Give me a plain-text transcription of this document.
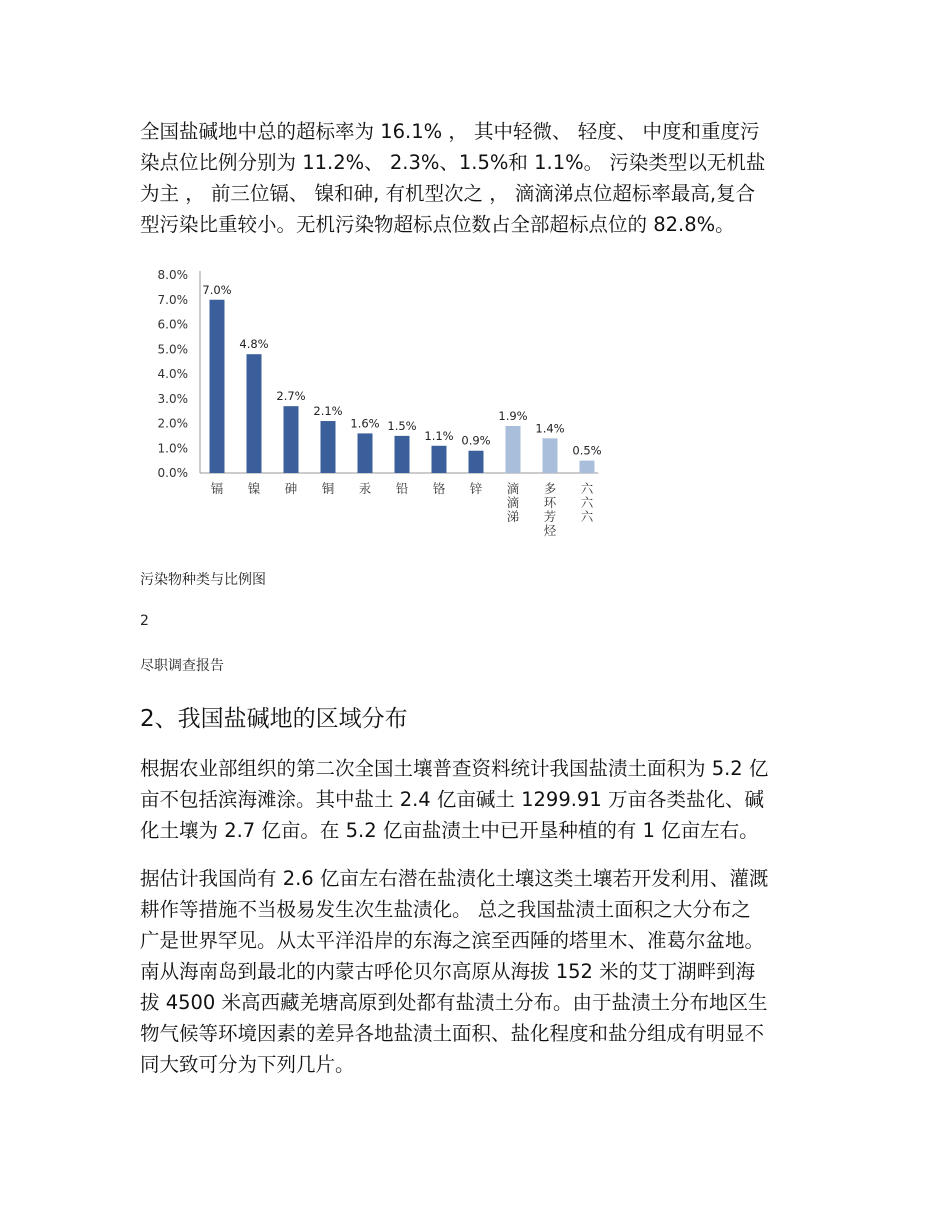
全国盐碱地中总的超标率为 16.1% ， 其中轻微、 轻度、 中度和重度污
染点位比例分别为 11.2%、 2.3%、1.5%和 1.1%。 污染类型以无机盐
为主 ， 前三位镉、 镍和砷, 有机型次之 ， 滴滴涕点位超标率最高,复合
型污染比重较小。无机污染物超标点位数占全部超标点位的 82.8%。

0.0%
1.0%
2.0%
3.0%
4.0%
5.0%
6.0%
7.0%
8.0%
7.0%
4.8%
2.7%
2.1%
1.6% 1.5%
1.1% 0.9%
1.9%
1.4%
0.5%
镉 镍 砷 铜 汞 铅 铬 锌 滴滴涕
多环芳烃
六六六

污染物种类与比例图

2

尽职调查报告

2、我国盐碱地的区域分布

根据农业部组织的第二次全国土壤普查资料统计我国盐渍土面积为 5.2 亿
亩不包括滨海滩涂。其中盐土 2.4 亿亩碱土 1299.91 万亩各类盐化、碱
化土壤为 2.7 亿亩。在 5.2 亿亩盐渍土中已开垦种植的有 1 亿亩左右。

据估计我国尚有 2.6 亿亩左右潜在盐渍化土壤这类土壤若开发利用、灌溉
耕作等措施不当极易发生次生盐渍化。 总之我国盐渍土面积之大分布之
广是世界罕见。从太平洋沿岸的东海之滨至西陲的塔里木、准葛尔盆地。
南从海南岛到最北的内蒙古呼伦贝尔高原从海拔 152 米的艾丁湖畔到海
拔 4500 米高西藏羌塘高原到处都有盐渍土分布。由于盐渍土分布地区生
物气候等环境因素的差异各地盐渍土面积、盐化程度和盐分组成有明显不
同大致可分为下列几片。
